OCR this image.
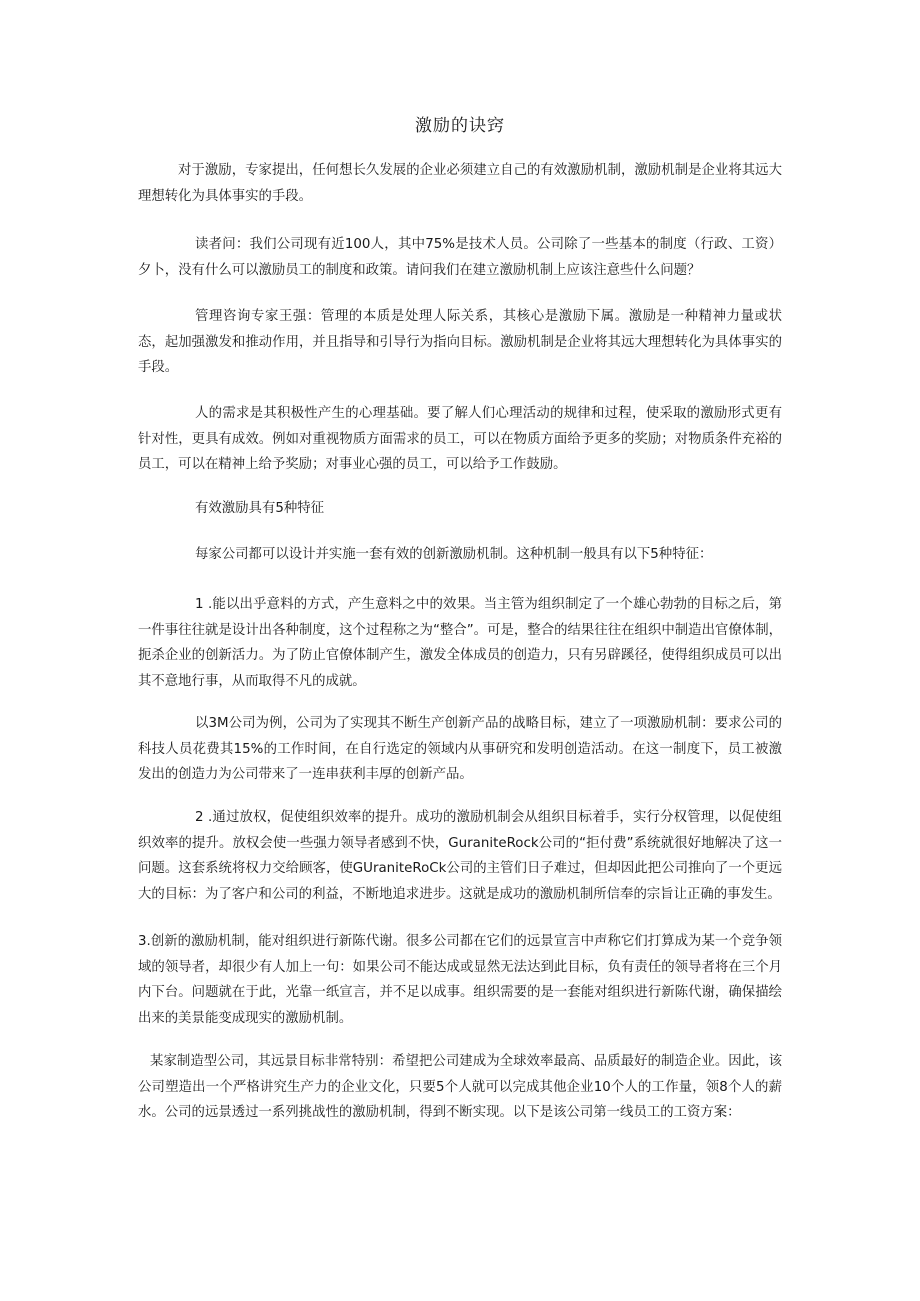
激励的诀窍

对于激励，专家提出，任何想长久发展的企业必须建立自己的有效激励机制，激励机制是企业将其远大理想转化为具体事实的手段。

读者问：我们公司现有近100人，其中75%是技术人员。公司除了一些基本的制度（行政、工资）夕卜，没有什么可以激励员工的制度和政策。请问我们在建立激励机制上应该注意些什么问题？

管理咨询专家王强：管理的本质是处理人际关系，其核心是激励下属。激励是一种精神力量或状态，起加强激发和推动作用，并且指导和引导行为指向目标。激励机制是企业将其远大理想转化为具体事实的手段。

人的需求是其积极性产生的心理基础。要了解人们心理活动的规律和过程，使采取的激励形式更有针对性，更具有成效。例如对重视物质方面需求的员工，可以在物质方面给予更多的奖励；对物质条件充裕的员工，可以在精神上给予奖励；对事业心强的员工，可以给予工作鼓励。

有效激励具有5种特征

每家公司都可以设计并实施一套有效的创新激励机制。这种机制一般具有以下5种特征：

1 .能以出乎意料的方式，产生意料之中的效果。当主管为组织制定了一个雄心勃勃的目标之后，第一件事往往就是设计出各种制度，这个过程称之为“整合”。可是，整合的结果往往在组织中制造出官僚体制，扼杀企业的创新活力。为了防止官僚体制产生，激发全体成员的创造力，只有另辟蹊径，使得组织成员可以出其不意地行事，从而取得不凡的成就。

以3M公司为例，公司为了实现其不断生产创新产品的战略目标，建立了一项激励机制：要求公司的科技人员花费其15%的工作时间，在自行选定的领域内从事研究和发明创造活动。在这一制度下，员工被激发出的创造力为公司带来了一连串获利丰厚的创新产品。

2 .通过放权，促使组织效率的提升。成功的激励机制会从组织目标着手，实行分权管理，以促使组织效率的提升。放权会使一些强力领导者感到不快，GuraniteRock公司的“拒付费”系统就很好地解决了这一问题。这套系统将权力交给顾客，使GUraniteRoCk公司的主管们日子难过，但却因此把公司推向了一个更远大的目标：为了客户和公司的利益，不断地追求进步。这就是成功的激励机制所信奉的宗旨让正确的事发生。

3.创新的激励机制，能对组织进行新陈代谢。很多公司都在它们的远景宣言中声称它们打算成为某一个竞争领域的领导者，却很少有人加上一句：如果公司不能达成或显然无法达到此目标，负有责任的领导者将在三个月内下台。问题就在于此，光靠一纸宣言，并不足以成事。组织需要的是一套能对组织进行新陈代谢，确保描绘出来的美景能变成现实的激励机制。

某家制造型公司，其远景目标非常特别：希望把公司建成为全球效率最高、品质最好的制造企业。因此，该公司塑造出一个严格讲究生产力的企业文化，只要5个人就可以完成其他企业10个人的工作量，领8个人的薪水。公司的远景透过一系列挑战性的激励机制，得到不断实现。以下是该公司第一线员工的工资方案：
